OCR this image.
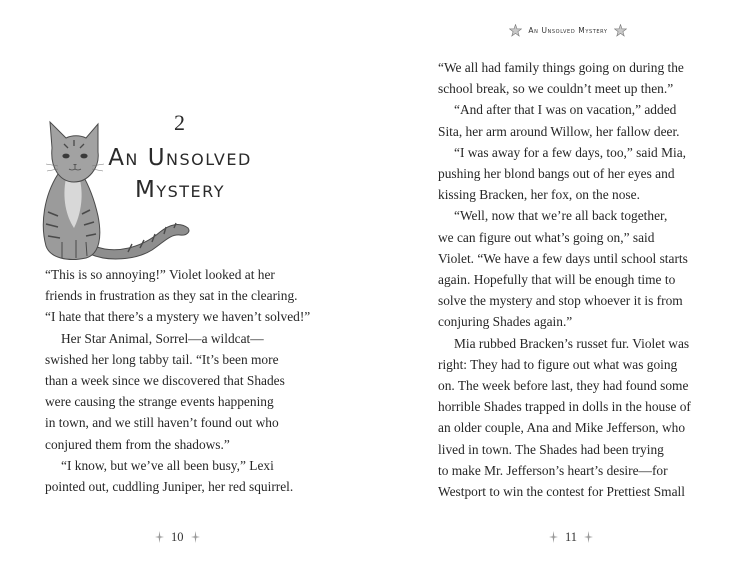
2
An Unsolved
Mystery
“This is so annoying!” Violet looked at her
friends in frustration as they sat in the clearing.
“I hate that there’s a mystery we haven’t solved!”
Her Star Animal, Sorrel—a wildcat—
swished her long tabby tail. “It’s been more
than a week since we discovered that Shades
were causing the strange events happening
in town, and we still haven’t found out who
conjured them from the shadows.”
“I know, but we’ve all been busy,” Lexi
pointed out, cuddling Juniper, her red squirrel.
10
An Unsolved Mystery
“We all had family things going on during the
school break, so we couldn’t meet up then.”
“And after that I was on vacation,” added
Sita, her arm around Willow, her fallow deer.
“I was away for a few days, too,” said Mia,
pushing her blond bangs out of her eyes and
kissing Bracken, her fox, on the nose.
“Well, now that we’re all back together,
we can figure out what’s going on,” said
Violet. “We have a few days until school starts
again. Hopefully that will be enough time to
solve the mystery and stop whoever it is from
conjuring Shades again.”
Mia rubbed Bracken’s russet fur. Violet was
right: They had to figure out what was going
on. The week before last, they had found some
horrible Shades trapped in dolls in the house of
an older couple, Ana and Mike Jefferson, who
lived in town. The Shades had been trying
to make Mr. Jefferson’s heart’s desire—for
Westport to win the contest for Prettiest Small
11
